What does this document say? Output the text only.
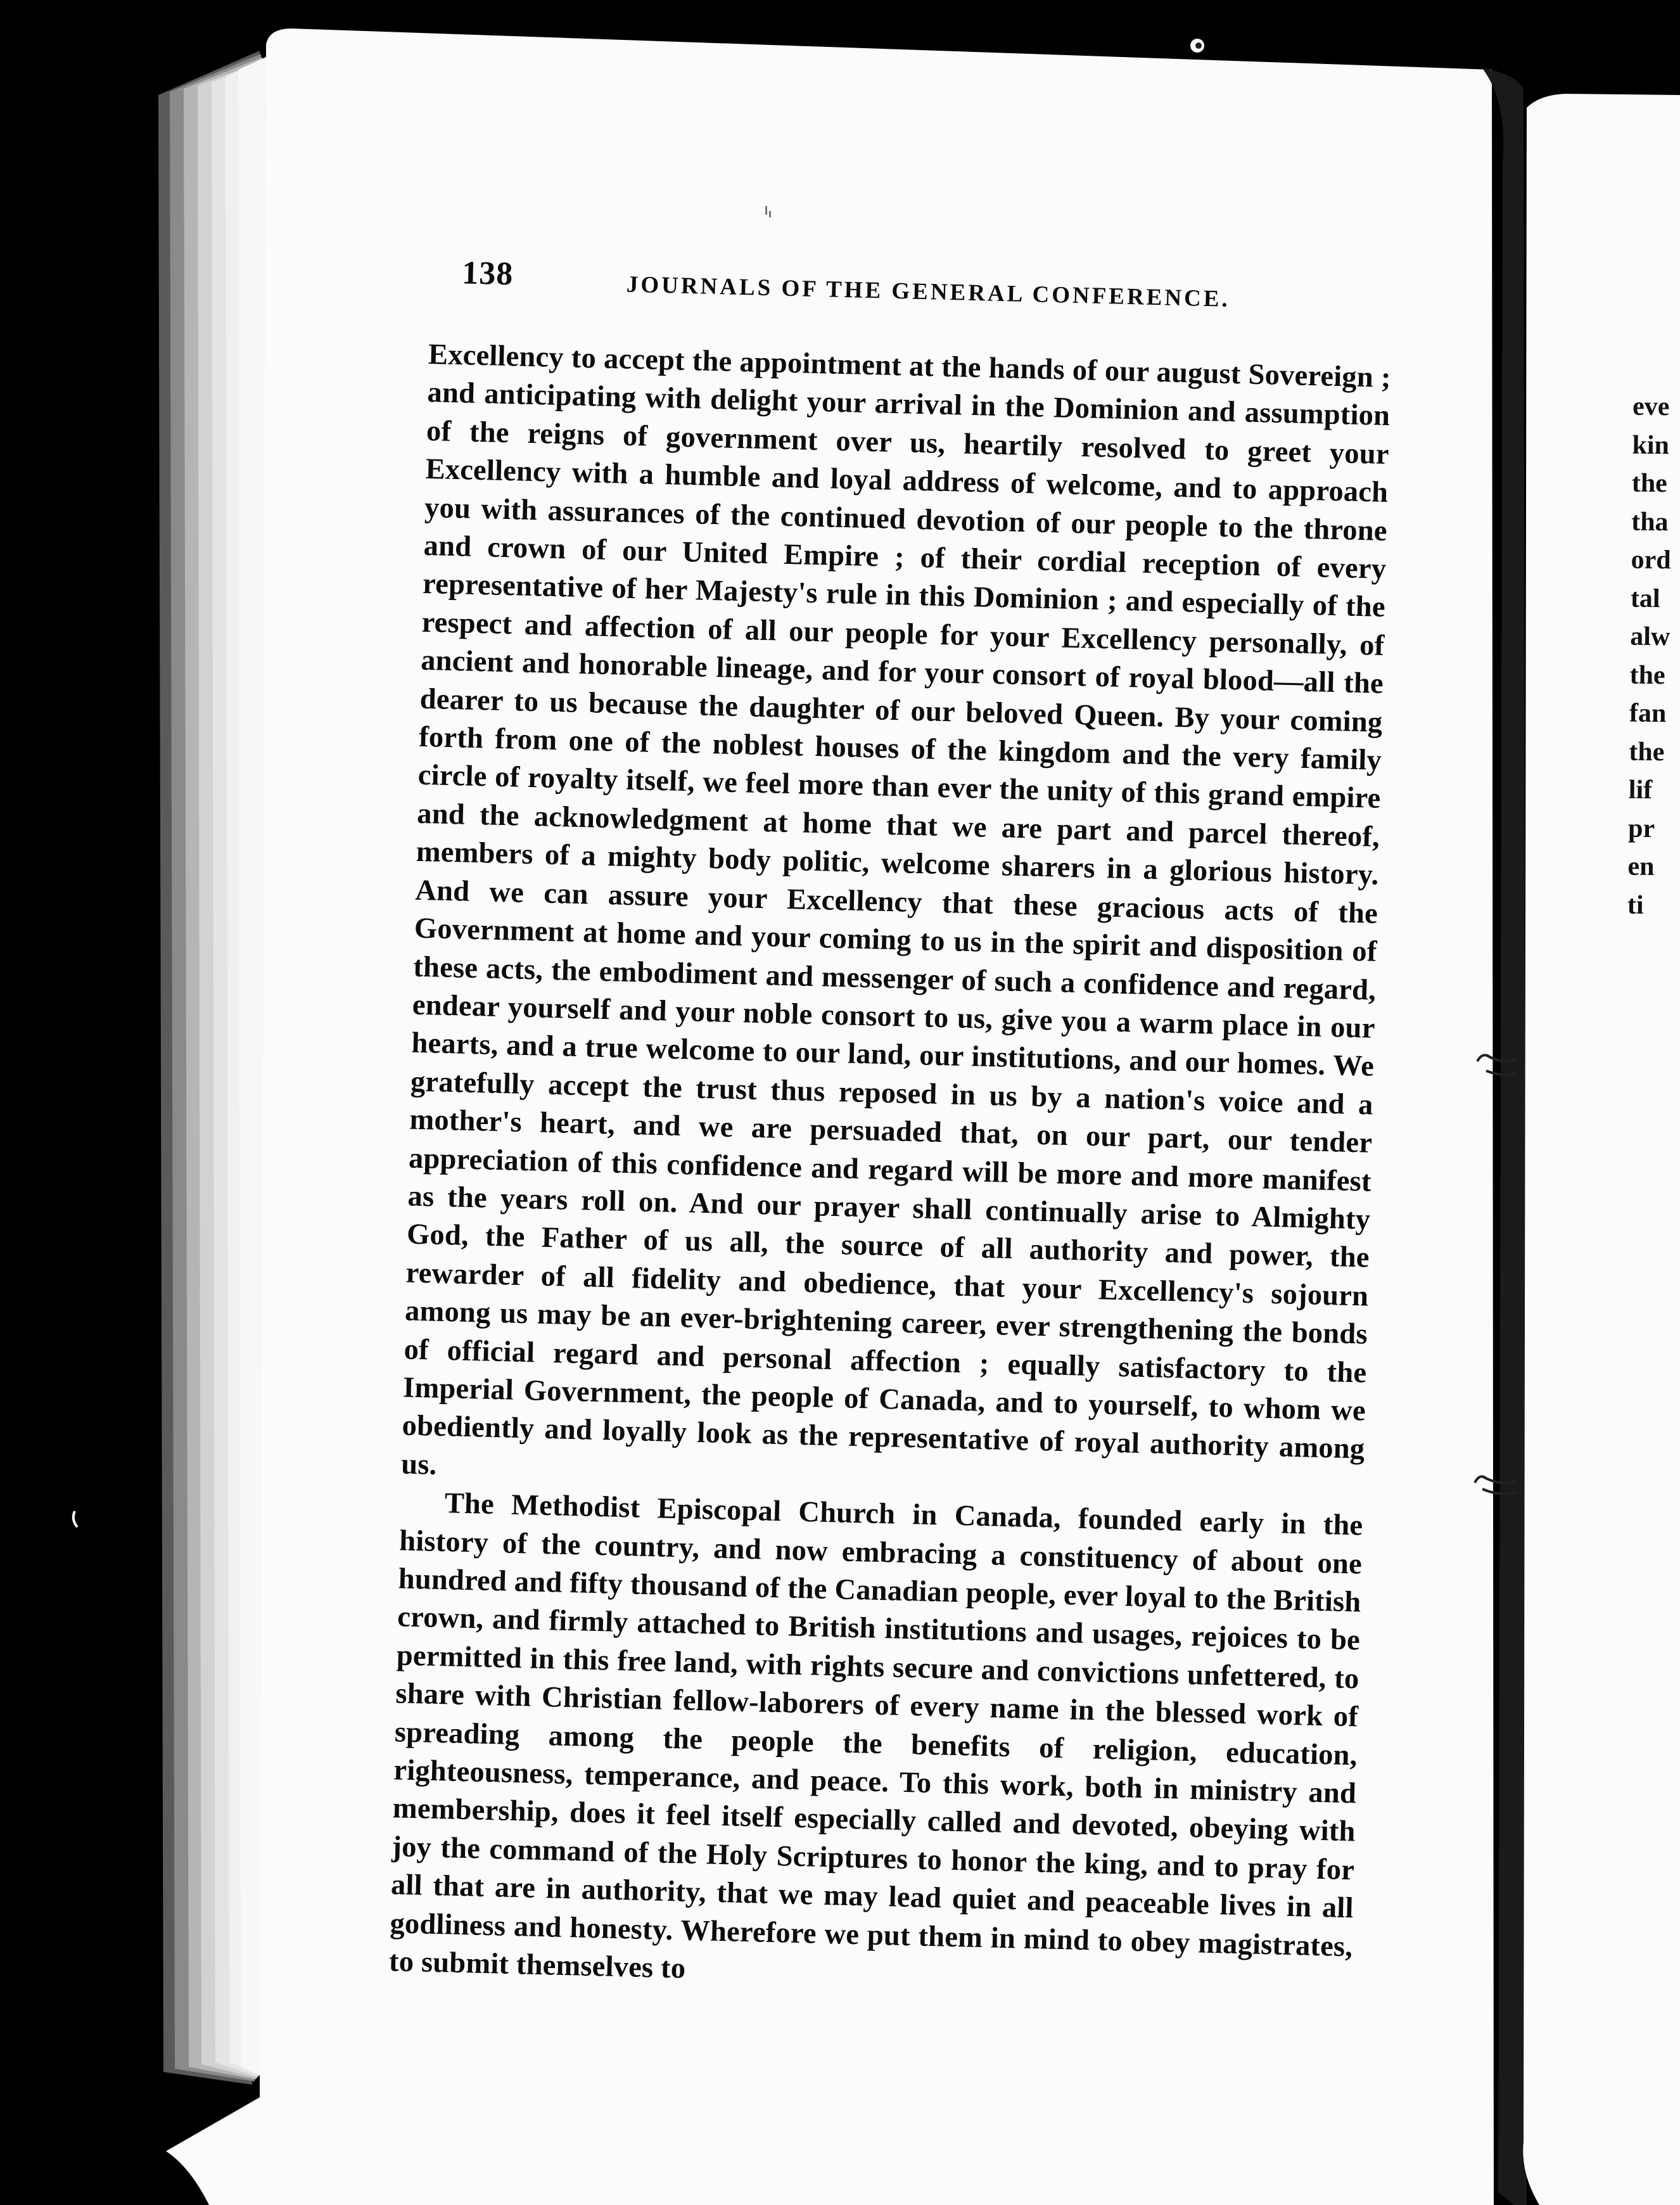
138	JOURNALS OF THE GENERAL CONFERENCE.

Excellency to accept the appointment at the hands of our august Sovereign ; and anticipating with delight your arrival in the Dominion and assumption of the reigns of government over us, heartily resolved to greet your Excellency with a humble and loyal address of welcome, and to approach you with assurances of the continued devotion of our people to the throne and crown of our United Empire ; of their cordial reception of every representative of her Majesty's rule in this Dominion ; and especially of the respect and affection of all our people for your Excellency personally, of ancient and honorable lineage, and for your consort of royal blood—all the dearer to us because the daughter of our beloved Queen. By your coming forth from one of the noblest houses of the kingdom and the very family circle of royalty itself, we feel more than ever the unity of this grand empire and the acknowledgment at home that we are part and parcel thereof, members of a mighty body politic, welcome sharers in a glorious history. And we can assure your Excellency that these gracious acts of the Government at home and your coming to us in the spirit and disposition of these acts, the embodiment and messenger of such a confidence and regard, endear yourself and your noble consort to us, give you a warm place in our hearts, and a true welcome to our land, our institutions, and our homes. We gratefully accept the trust thus reposed in us by a nation's voice and a mother's heart, and we are persuaded that, on our part, our tender appreciation of this confidence and regard will be more and more manifest as the years roll on. And our prayer shall continually arise to Almighty God, the Father of us all, the source of all authority and power, the rewarder of all fidelity and obedience, that your Excellency's sojourn among us may be an ever-brightening career, ever strengthening the bonds of official regard and personal affection ; equally satisfactory to the Imperial Government, the people of Canada, and to yourself, to whom we obediently and loyally look as the representative of royal authority among us.

The Methodist Episcopal Church in Canada, founded early in the history of the country, and now embracing a constituency of about one hundred and fifty thousand of the Canadian people, ever loyal to the British crown, and firmly attached to British institutions and usages, rejoices to be permitted in this free land, with rights secure and convictions unfettered, to share with Christian fellow-laborers of every name in the blessed work of spreading among the people the benefits of religion, education, righteousness, temperance, and peace. To this work, both in ministry and membership, does it feel itself especially called and devoted, obeying with joy the command of the Holy Scriptures to honor the king, and to pray for all that are in authority, that we may lead quiet and peaceable lives in all godliness and honesty. Wherefore we put them in mind to obey magistrates, to submit themselves to

eve
kin
the
tha
ord
tal
alw
the
fan
the
lif
pr
en
ti
